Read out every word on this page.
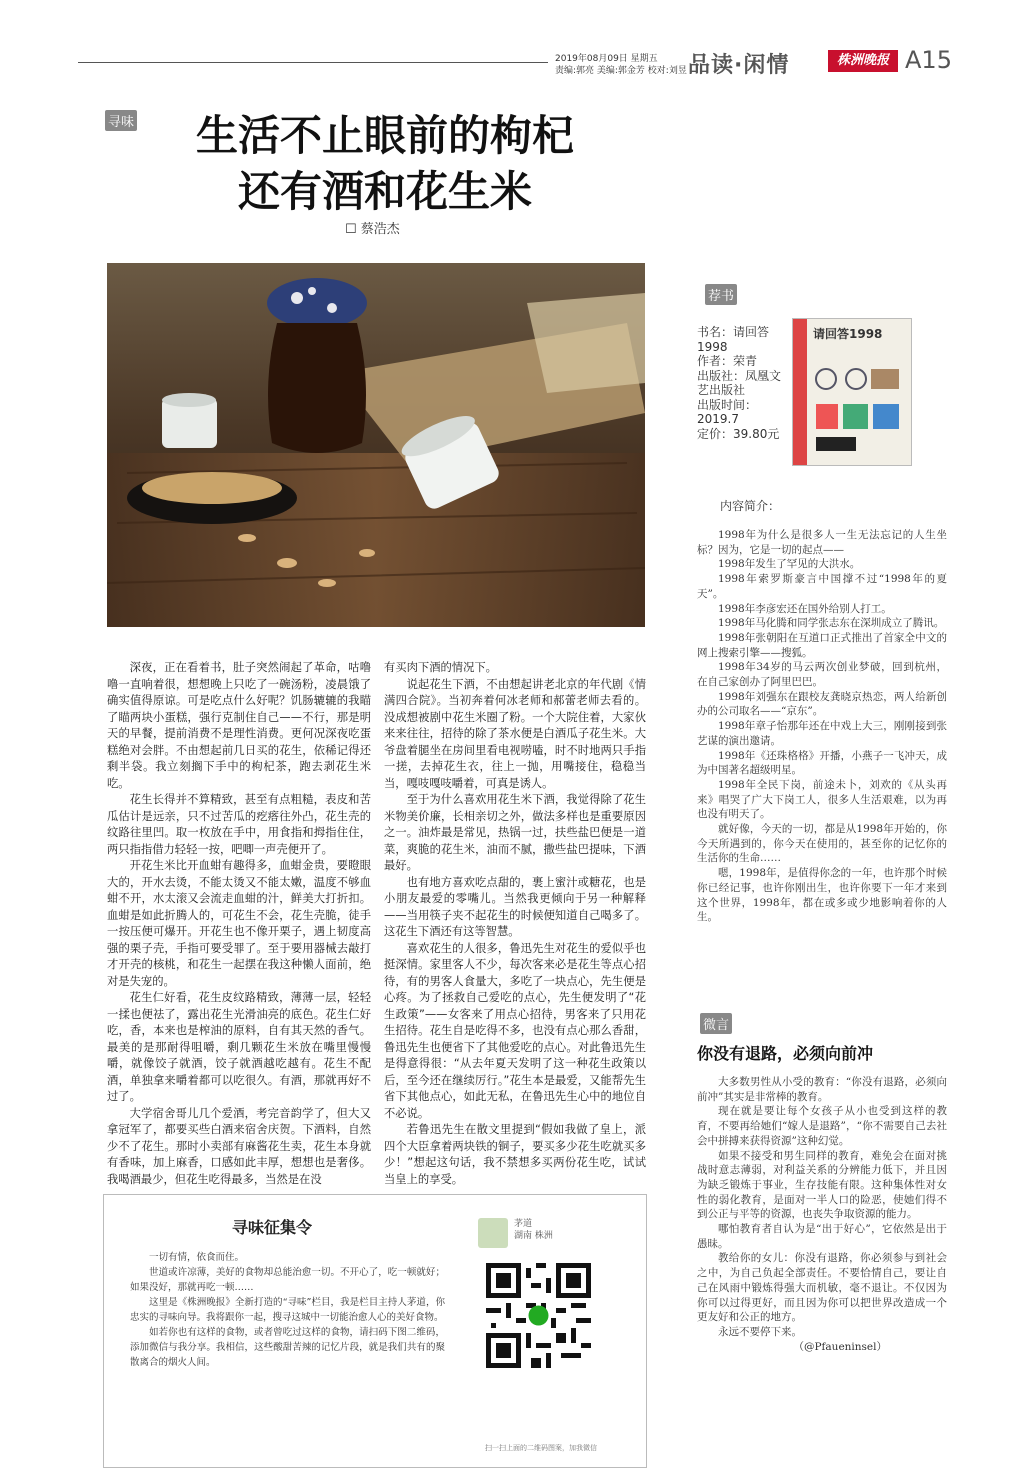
2019年08月09日 星期五
责编:郭亮 美编:郭金芳 校对:刘昱 品读·闲情	株洲晚报 A15
寻味	生活不止眼前的枸杞
还有酒和花生米
☐ 蔡浩杰

深夜，正在看着书，肚子突然闹起了革命，咕噜噜一直响着很，想想晚上只吃了一碗汤粉，凌晨饿了确实值得原谅。可是吃点什么好呢？饥肠辘辘的我瞄了瞄两块小蛋糕，强行克制住自己——不行，那是明天的早餐，提前消费不是理性消费。更何况深夜吃蛋糕绝对会胖。不由想起前几日买的花生，依稀记得还剩半袋。我立刻搁下手中的枸杞茶，跑去剥花生米吃。

花生长得并不算精致，甚至有点粗糙，表皮和苦瓜估计是远亲，只不过苦瓜的疙瘩往外凸，花生壳的纹路往里凹。取一枚放在手中，用食指和拇指住住，两只指指借力轻轻一按，吧唧一声壳便开了。

开花生米比开血蚶有趣得多，血蚶金贵，要瞪眼大的，开水去烫，不能太烫又不能太嫩，温度不够血蚶不开，水太滚又会流走血蚶的汁，鲜美大打折扣。血蚶是如此折腾人的，可花生不会，花生壳脆，徒手一按压便可爆开。开花生也不像开栗子，遇上韧度高强的栗子壳，手指可要受罪了。至于要用器械去敲打才开壳的核桃，和花生一起摆在我这种懒人面前，绝对是失宠的。

花生仁好看，花生皮纹路精致，薄薄一层，轻轻一揉也便祛了，露出花生光滑油亮的底色。花生仁好吃，香，本来也是榨油的原料，自有其天然的香气。最美的是那耐得咀嚼，剩几颗花生米放在嘴里慢慢嚼，就像饺子就酒，饺子就酒越吃越有。花生不配酒，单独拿来嚼着都可以吃很久。有酒，那就再好不过了。

大学宿舍哥儿几个爱酒，考完音韵学了，但大又拿冠军了，都要买些白酒来宿舍庆贺。下酒料，自然少不了花生。那时小卖部有麻酱花生卖，花生本身就有香味，加上麻香，口感如此丰厚，想想也是奢侈。我喝酒最少，但花生吃得最多，当然是在没

有买肉下酒的情况下。

说起花生下酒，不由想起讲老北京的年代剧《情满四合院》。当初奔着何冰老师和郝蕾老师去看的。没成想被剧中花生米圈了粉。一个大院住着，大家伙来来往往，招待的除了茶水便是白酒瓜子花生米。大爷盘着腿坐在房间里看电视唠嗑，时不时地两只手指一搓，去掉花生衣，往上一抛，用嘴接住，稳稳当当，嘎吱嘎吱嚼着，可真是诱人。

至于为什么喜欢用花生米下酒，我觉得除了花生米物美价廉，长相亲切之外，做法多样也是重要原因之一。油炸最是常见，热锅一过，扶些盐巴便是一道菜，爽脆的花生米，油而不腻，撒些盐巴提味，下酒最好。

也有地方喜欢吃点甜的，裹上蜜汁或糖花，也是小朋友最爱的零嘴儿。当然我更倾向于另一种解释——当用筷子夹不起花生的时候便知道自己喝多了。这花生下酒还有这等智慧。

喜欢花生的人很多，鲁迅先生对花生的爱似乎也挺深情。家里客人不少，每次客来必是花生等点心招待，有的男客人食量大，多吃了一块点心，先生便是心疼。为了拯救自己爱吃的点心，先生便发明了“花生政策”——女客来了用点心招待，男客来了只用花生招待。花生自是吃得不多，也没有点心那么香甜，鲁迅先生也便省下了其他爱吃的点心。对此鲁迅先生是得意得很：“从去年夏天发明了这一种花生政策以后，至今还在继续厉行。”花生本是最爱，又能帮先生省下其他点心，如此无私，在鲁迅先生心中的地位自不必说。

若鲁迅先生在散文里提到“假如我做了皇上，派四个大臣拿着两块铁的铜子，要买多少花生吃就买多少！”想起这句话，我不禁想多买两份花生吃，试试当皇上的享受。

荐书
书名：请回答1998
作者：荣青
出版社：凤凰文艺出版社
出版时间：2019.7
定价：39.80元
请回答1998
内容简介：

1998年为什么是很多人一生无法忘记的人生坐标？因为，它是一切的起点——

1998年发生了罕见的大洪水。

1998年索罗斯豪言中国撑不过“1998年的夏天”。

1998年李彦宏还在国外给别人打工。

1998年马化腾和同学张志东在深圳成立了腾讯。

1998年张朝阳在互道口正式推出了首家全中文的网上搜索引擎——搜狐。

1998年34岁的马云两次创业梦破，回到杭州，在自己家创办了阿里巴巴。

1998年刘强东在跟校友龚晓京热恋，两人给新创办的公司取名——“京东”。

1998年章子怡那年还在中戏上大三，刚刚接到张艺谋的演出邀请。

1998年《还珠格格》开播，小燕子一飞冲天，成为中国著名超级明星。

1998年全民下岗，前途未卜，刘欢的《从头再来》唱哭了广大下岗工人，很多人生活艰难，以为再也没有明天了。

就好像，今天的一切，都是从1998年开始的，你今天所遇到的，你今天在使用的，甚至你的记忆你的生活你的生命……

嗯，1998年，是值得你念的一年，也许那个时候你已经记事，也许你刚出生，也许你要下一年才来到这个世界，1998年，都在或多或少地影响着你的人生。

微言
你没有退路，必须向前冲

大多数男性从小受的教育：“你没有退路，必须向前冲”其实是非常棒的教育。

现在就是要让每个女孩子从小也受到这样的教育，不要再给她们“嫁人是退路”，“你不需要自己去社会中拼搏来获得资源”这种幻觉。

如果不接受和男生同样的教育，难免会在面对挑战时意志薄弱，对利益关系的分辨能力低下，并且因为缺乏锻炼于事业，生存技能有限。这种集体性对女性的弱化教育，是面对一半人口的险恶，使她们得不到公正与平等的资源，也丧失争取资源的能力。

哪怕教育者自认为是“出于好心”，它依然是出于愚昧。

教给你的女儿：你没有退路，你必须参与到社会之中，为自己负起全部责任。不要恰情自己，要让自己在风雨中锻炼得强大而机敏，毫不退让。不仅因为你可以过得更好，而且因为你可以把世界改造成一个更友好和公正的地方。

永远不要停下来。

（@Pfaueninsel）

寻味征集令

一切有情，依食而住。

世道或许凉薄，美好的食物却总能治愈一切。不开心了，吃一顿就好；如果没好，那就再吃一顿……

这里是《株洲晚报》全新打造的“寻味”栏目，我是栏目主持人茅道，你忠实的寻味向导。我将跟你一起，搜寻这城中一切能治愈人心的美好食物。

如若你也有这样的食物，或者曾吃过这样的食物，请扫码下图二维码，添加微信与我分享。我相信，这些酸甜苦辣的记忆片段，就是我们共有的聚散离合的烟火人间。

茅道
湖南 株洲
扫一扫上面的二维码图案，加我微信
